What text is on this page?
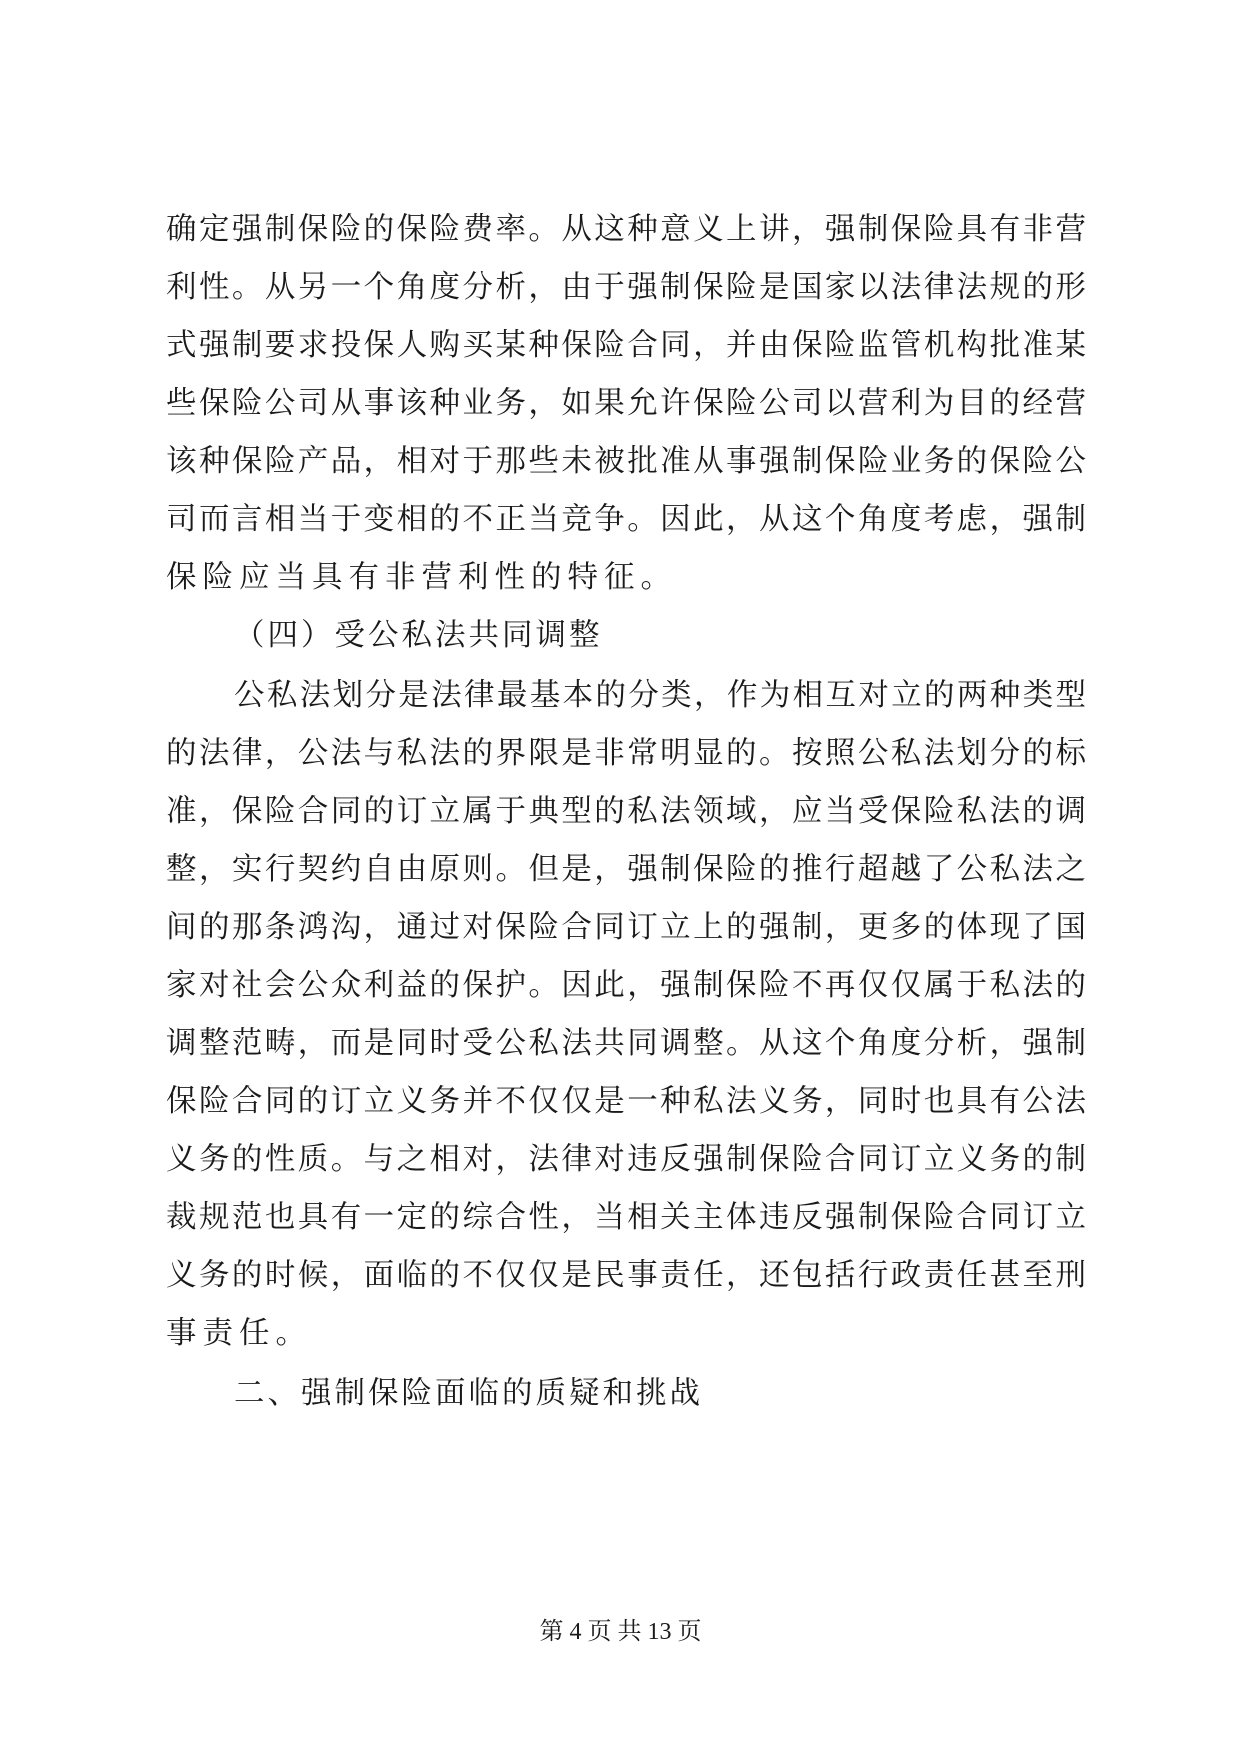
确定强制保险的保险费率。从这种意义上讲，强制保险具有非营
利性。从另一个角度分析，由于强制保险是国家以法律法规的形
式强制要求投保人购买某种保险合同，并由保险监管机构批准某
些保险公司从事该种业务，如果允许保险公司以营利为目的经营
该种保险产品，相对于那些未被批准从事强制保险业务的保险公
司而言相当于变相的不正当竞争。因此，从这个角度考虑，强制
保险应当具有非营利性的特征。
（四）受公私法共同调整
公私法划分是法律最基本的分类，作为相互对立的两种类型
的法律，公法与私法的界限是非常明显的。按照公私法划分的标
准，保险合同的订立属于典型的私法领域，应当受保险私法的调
整，实行契约自由原则。但是，强制保险的推行超越了公私法之
间的那条鸿沟，通过对保险合同订立上的强制，更多的体现了国
家对社会公众利益的保护。因此，强制保险不再仅仅属于私法的
调整范畴，而是同时受公私法共同调整。从这个角度分析，强制
保险合同的订立义务并不仅仅是一种私法义务，同时也具有公法
义务的性质。与之相对，法律对违反强制保险合同订立义务的制
裁规范也具有一定的综合性，当相关主体违反强制保险合同订立
义务的时候，面临的不仅仅是民事责任，还包括行政责任甚至刑
事责任。
二、强制保险面临的质疑和挑战
第 4 页 共 13 页
